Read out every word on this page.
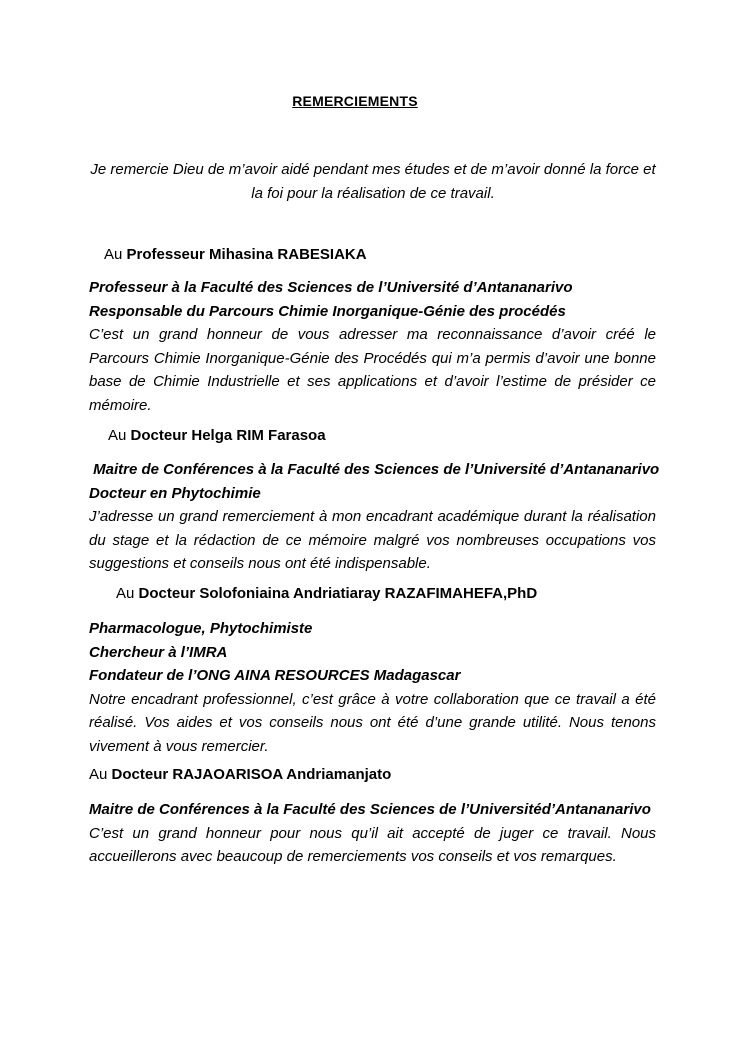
REMERCIEMENTS
Je remercie Dieu de m’avoir aidé pendant mes études et de m’avoir donné la force et la foi pour la réalisation de ce travail.
Au Professeur Mihasina RABESIAKA
Professeur à la Faculté des Sciences de l’Université d’Antananarivo
Responsable du Parcours Chimie Inorganique-Génie des procédés
C’est un grand honneur de vous adresser ma reconnaissance d’avoir créé le Parcours Chimie Inorganique-Génie des Procédés qui m’a permis d’avoir une bonne base de Chimie Industrielle et ses applications et d’avoir l’estime de présider ce mémoire.
Au Docteur Helga RIM Farasoa
Maitre de Conférences à la Faculté des Sciences de l’Université d’Antananarivo
Docteur en Phytochimie
J’adresse un grand remerciement à mon encadrant académique durant la réalisation du stage et la rédaction de ce mémoire malgré vos nombreuses occupations vos suggestions et conseils nous ont été indispensable.
Au Docteur Solofoniaina Andriatiaray RAZAFIMAHEFA,PhD
Pharmacologue, Phytochimiste
Chercheur à l’IMRA
Fondateur de l’ONG AINA RESOURCES Madagascar
Notre encadrant professionnel, c’est grâce à votre collaboration que ce travail a été réalisé. Vos aides et vos conseils nous ont été d’une grande utilité. Nous tenons vivement à vous remercier.
Au Docteur RAJAOARISOA Andriamanjato
Maitre de Conférences à la Faculté des Sciences de l’Universitéd’Antananarivo
C’est un grand honneur pour nous qu’il ait accepté de juger ce travail. Nous accueillerons avec beaucoup de remerciements vos conseils et vos remarques.
